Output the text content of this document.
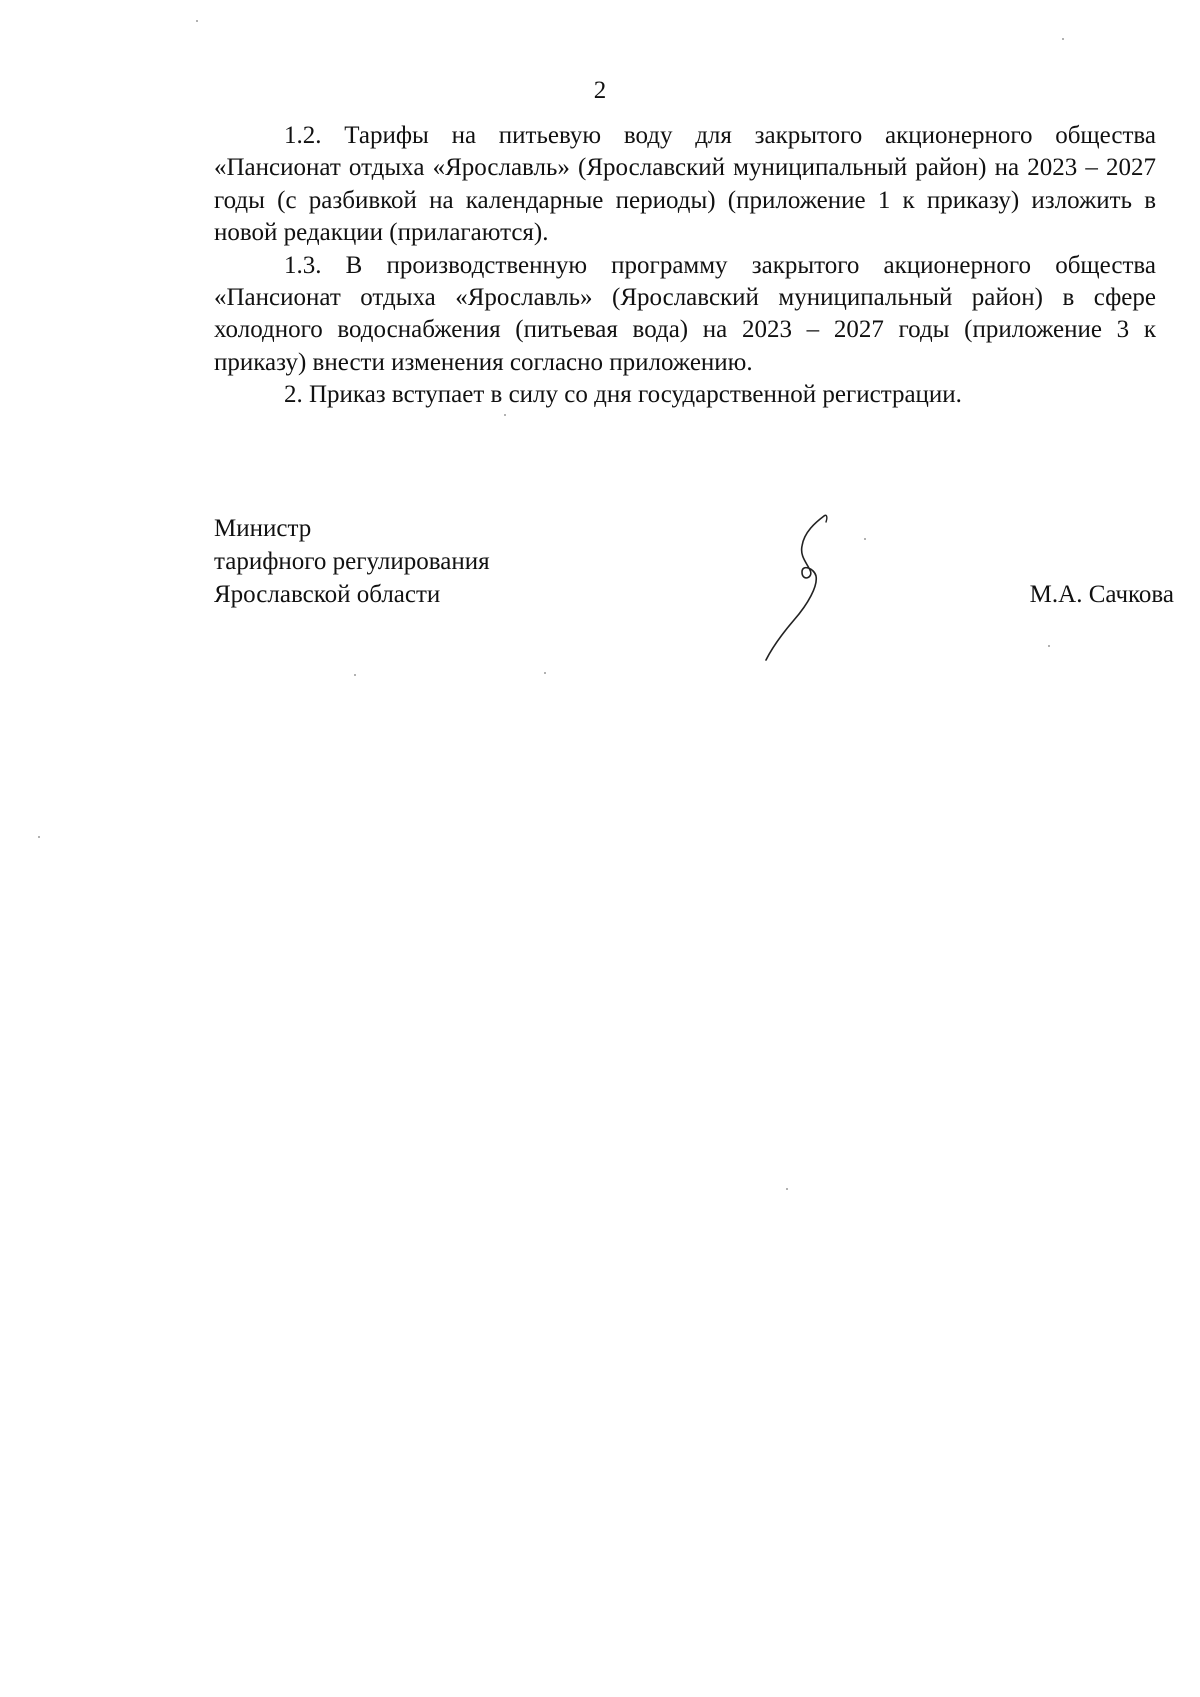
2

1.2. Тарифы на питьевую воду для закрытого акционерного общества «Пансионат отдыха «Ярославль» (Ярославский муниципальный район) на 2023 – 2027 годы (с разбивкой на календарные периоды) (приложение 1 к приказу) изложить в новой редакции (прилагаются).

1.3. В производственную программу закрытого акционерного общества «Пансионат отдыха «Ярославль» (Ярославский муниципальный район) в сфере холодного водоснабжения (питьевая вода) на 2023 – 2027 годы (приложение 3 к приказу) внести изменения согласно приложению.

2. Приказ вступает в силу со дня государственной регистрации.

Министр
тарифного регулирования
Ярославской области	М.А. Сачкова
